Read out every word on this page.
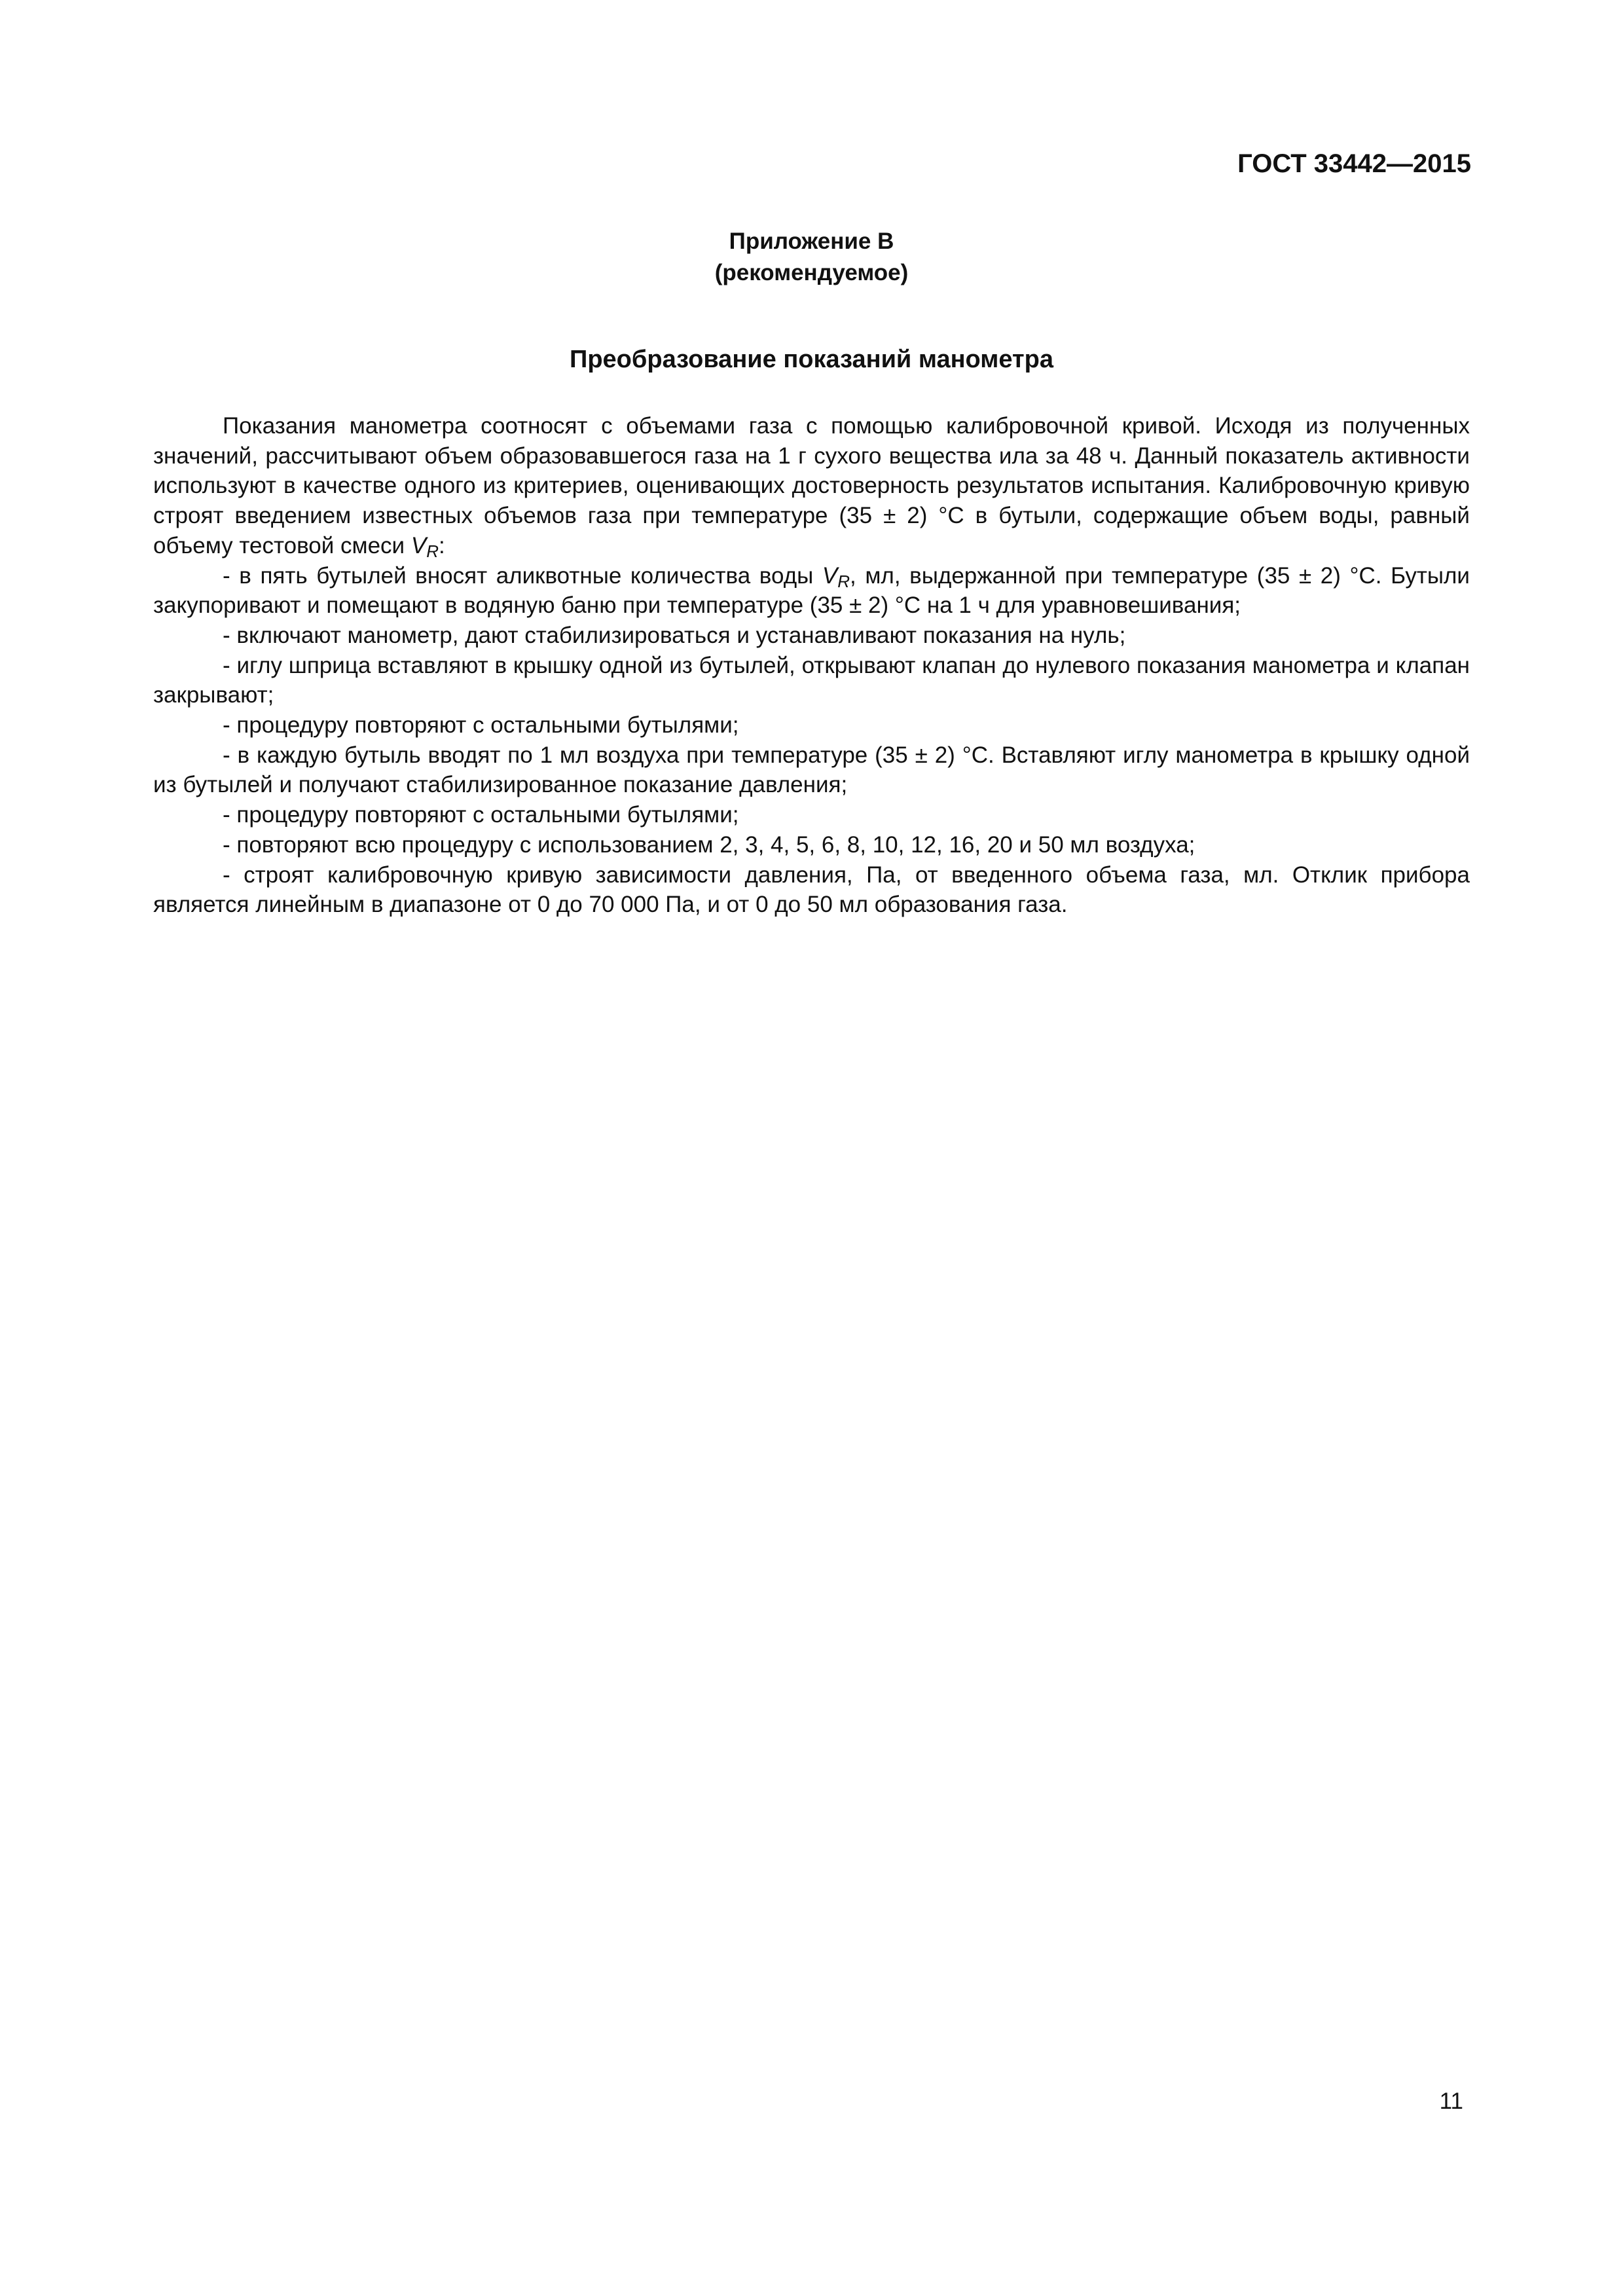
ГОСТ 33442—2015
Приложение В
(рекомендуемое)
Преобразование показаний манометра

Показания манометра соотносят с объемами газа с помощью калибровочной кривой. Исходя из полученных значений, рассчитывают объем образовавшегося газа на 1 г сухого вещества ила за 48 ч. Данный показатель активности используют в качестве одного из критериев, оценивающих достоверность результатов испытания. Калибровочную кривую строят введением известных объемов газа при температуре (35 ± 2) °C в бутыли, содержащие объем воды, равный объему тестовой смеси $V_R$:

- в пять бутылей вносят аликвотные количества воды $V_R$, мл, выдержанной при температуре (35 ± 2) °C. Бутыли закупоривают и помещают в водяную баню при температуре (35 ± 2) °C на 1 ч для уравновешивания;

- включают манометр, дают стабилизироваться и устанавливают показания на нуль;

- иглу шприца вставляют в крышку одной из бутылей, открывают клапан до нулевого показания манометра и клапан закрывают;

- процедуру повторяют с остальными бутылями;

- в каждую бутыль вводят по 1 мл воздуха при температуре (35 ± 2) °C. Вставляют иглу манометра в крышку одной из бутылей и получают стабилизированное показание давления;

- процедуру повторяют с остальными бутылями;

- повторяют всю процедуру с использованием 2, 3, 4, 5, 6, 8, 10, 12, 16, 20 и 50 мл воздуха;

- строят калибровочную кривую зависимости давления, Па, от введенного объема газа, мл. Отклик прибора является линейным в диапазоне от 0 до 70 000 Па, и от 0 до 50 мл образования газа.

11
